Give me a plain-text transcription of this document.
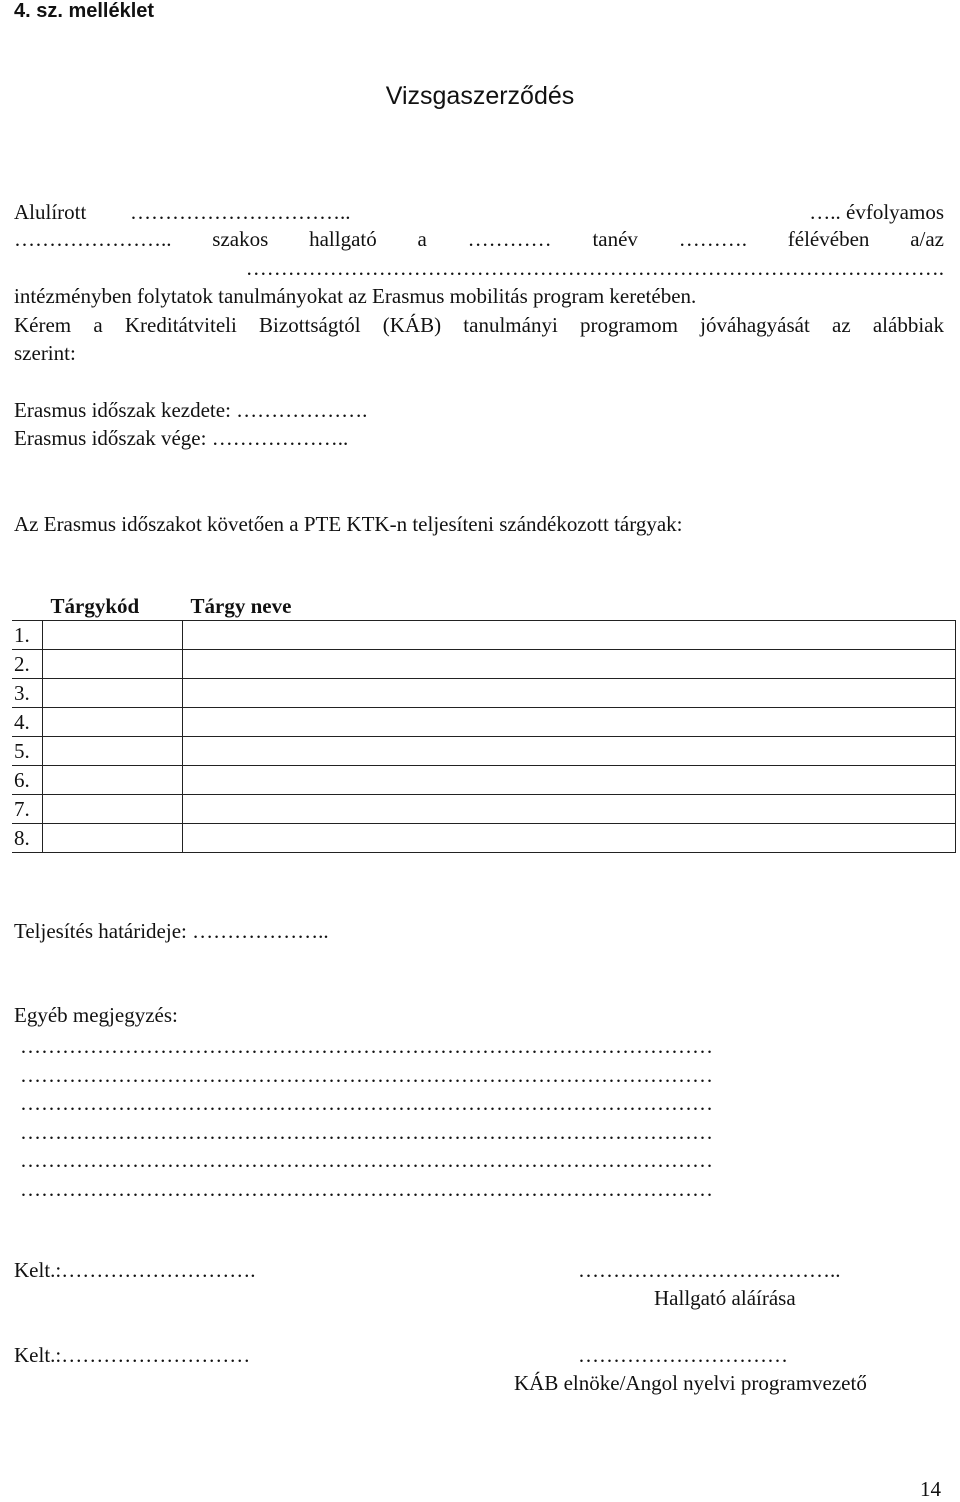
4. sz. melléklet
Vizsgaszerződés
Alulírott …………………………..	….. évfolyamos
………………….. szakos hallgató a ………… tanév ………. félévében a/az
……………………………………………………………………………………….
intézményben folytatok tanulmányokat az Erasmus mobilitás program keretében.
Kérem a Kreditátviteli Bizottságtól (KÁB) tanulmányi programom jóváhagyását az alábbiak
szerint:
Erasmus időszak kezdete: ……………….
Erasmus időszak vége: ………………..
Az Erasmus időszakot követően a PTE KTK-n teljesíteni szándékozott tárgyak:
	Tárgykód	Tárgy neve
1.		
2.		
3.		
4.		
5.		
6.		
7.		
8.		
Teljesítés határideje: ………………..
Egyéb megjegyzés:
………………………………………………………………………………………
………………………………………………………………………………………
………………………………………………………………………………………
………………………………………………………………………………………
………………………………………………………………………………………
………………………………………………………………………………………
Kelt.:……………………….	………………………………..
Hallgató aláírása
Kelt.:………………………	…………………………
KÁB elnöke/Angol nyelvi programvezető
14
